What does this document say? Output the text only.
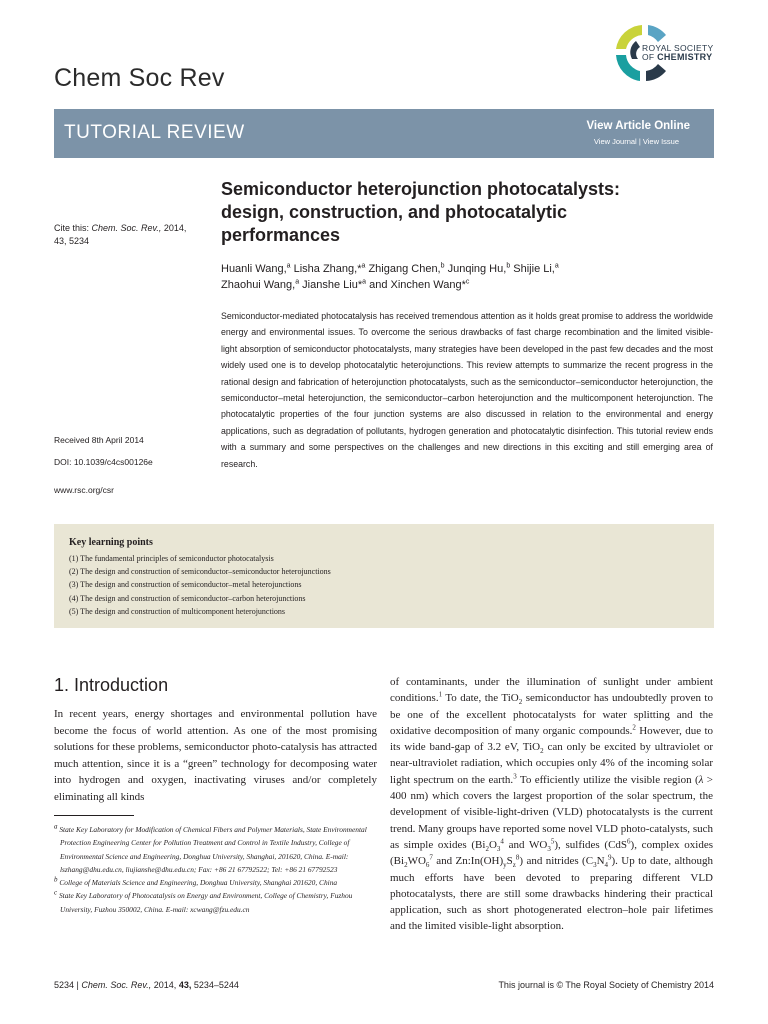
Chem Soc Rev
ROYAL SOCIETY
OF CHEMISTRY
TUTORIAL REVIEW	View Article Online
View Journal | View Issue
Cite this: Chem. Soc. Rev., 2014,
43, 5234
Received 8th April 2014
DOI: 10.1039/c4cs00126e
www.rsc.org/csr
Semiconductor heterojunction photocatalysts:
design, construction, and photocatalytic
performances
Huanli Wang,$^a$ Lisha Zhang,*$^a$ Zhigang Chen,$^b$ Junqing Hu,$^b$ Shijie Li,$^a$
Zhaohui Wang,$^a$ Jianshe Liu*$^a$ and Xinchen Wang*$^c$
Semiconductor-mediated photocatalysis has received tremendous attention as it holds great promise to address the worldwide energy and environmental issues. To overcome the serious drawbacks of fast charge recombination and the limited visible-light absorption of semiconductor photocatalysts, many strategies have been developed in the past few decades and the most widely used one is to develop photocatalytic heterojunctions. This review attempts to summarize the recent progress in the rational design and fabrication of heterojunction photocatalysts, such as the semiconductor–semiconductor heterojunction, the semiconductor–metal heterojunction, the semiconductor–carbon heterojunction and the multicomponent heterojunction. The photocatalytic properties of the four junction systems are also discussed in relation to the environmental and energy applications, such as degradation of pollutants, hydrogen generation and photocatalytic disinfection. This tutorial review ends with a summary and some perspectives on the challenges and new directions in this exciting and still emerging area of research.
Key learning points
(1) The fundamental principles of semiconductor photocatalysis
(2) The design and construction of semiconductor–semiconductor heterojunctions
(3) The design and construction of semiconductor–metal heterojunctions
(4) The design and construction of semiconductor–carbon heterojunctions
(5) The design and construction of multicomponent heterojunctions
1. Introduction
In recent years, energy shortages and environmental pollution have become the focus of world attention. As one of the most promising solutions for these problems, semiconductor photo-catalysis has attracted much attention, since it is a “green” technology for decomposing water into hydrogen and oxygen, inactivating viruses and/or completely eliminating all kinds

$^a$ State Key Laboratory for Modification of Chemical Fibers and Polymer Materials, State Environmental Protection Engineering Center for Pollution Treatment and Control in Textile Industry, College of Environmental Science and Engineering, Donghua University, Shanghai, 201620, China. E-mail: lszhang@dhu.edu.cn, liujianshe@dhu.edu.cn; Fax: +86 21 67792522; Tel: +86 21 67792523

$^b$ College of Materials Science and Engineering, Donghua University, Shanghai 201620, China

$^c$ State Key Laboratory of Photocatalysis on Energy and Environment, College of Chemistry, Fuzhou University, Fuzhou 350002, China. E-mail: xcwang@fzu.edu.cn

of contaminants, under the illumination of sunlight under ambient conditions.$^1$ To date, the TiO$_2$ semiconductor has undoubtedly proven to be one of the excellent photocatalysts for water splitting and the oxidative decomposition of many organic compounds.$^2$ However, due to its wide band-gap of 3.2 eV, TiO$_2$ can only be excited by ultraviolet or near-ultraviolet radiation, which occupies only 4% of the incoming solar light spectrum on the earth.$^3$ To efficiently utilize the visible region (λ > 400 nm) which covers the largest proportion of the solar spectrum, the development of visible-light-driven (VLD) photocatalysts is the current trend. Many groups have reported some novel VLD photo-catalysts, such as simple oxides ($Bi_2O_3^4$ and $WO_3^5$), sulfides (CdS$^6$), complex oxides ($Bi_2WO_6^7$ and $Zn:In(OH)_yS_z^8$) and nitrides $(C_3N_4^9)$. Up to date, although much efforts have been devoted to preparing different VLD photocatalysts, there are still some drawbacks hindering their practical application, such as short photogenerated electron–hole pair lifetimes and the limited visible-light absorption.
5234 | Chem. Soc. Rev., 2014, 43, 5234–5244	This journal is © The Royal Society of Chemistry 2014
